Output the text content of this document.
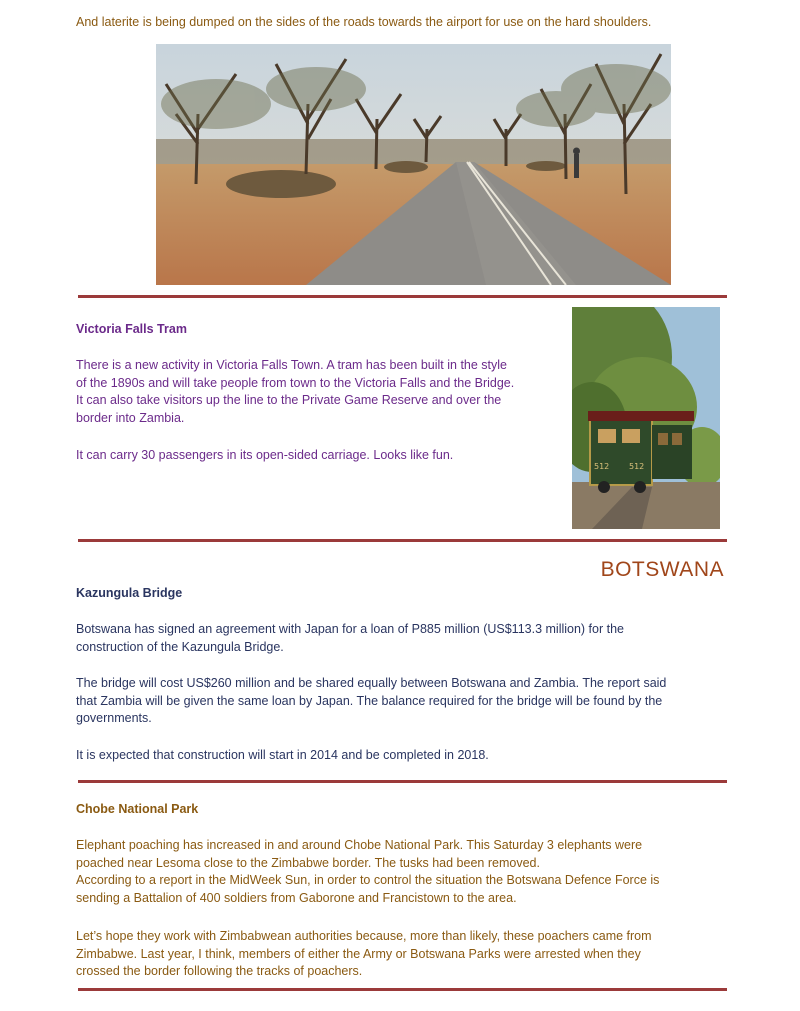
And laterite is being dumped on the sides of the roads towards the airport for use on the hard shoulders.
Victoria Falls Tram
There is a new activity in Victoria Falls Town. A tram has been built in the style
of the 1890s and will take people from town to the Victoria Falls and the Bridge.
It can also take visitors up the line to the Private Game Reserve and over the
border into Zambia.
It can carry 30 passengers in its open-sided carriage. Looks like fun.
512 512
BOTSWANA
Kazungula Bridge
Botswana has signed an agreement with Japan for a loan of P885 million (US$113.3 million) for the
construction of the Kazungula Bridge.
The bridge will cost US$260 million and be shared equally between Botswana and Zambia. The report said
that Zambia will be given the same loan by Japan. The balance required for the bridge will be found by the
governments.
It is expected that construction will start in 2014 and be completed in 2018.
Chobe National Park
Elephant poaching has increased in and around Chobe National Park. This Saturday 3 elephants were
poached near Lesoma close to the Zimbabwe border. The tusks had been removed.
According to a report in the MidWeek Sun, in order to control the situation the Botswana Defence Force is
sending a Battalion of 400 soldiers from Gaborone and Francistown to the area.
Let’s hope they work with Zimbabwean authorities because, more than likely, these poachers came from
Zimbabwe. Last year, I think, members of either the Army or Botswana Parks were arrested when they
crossed the border following the tracks of poachers.
